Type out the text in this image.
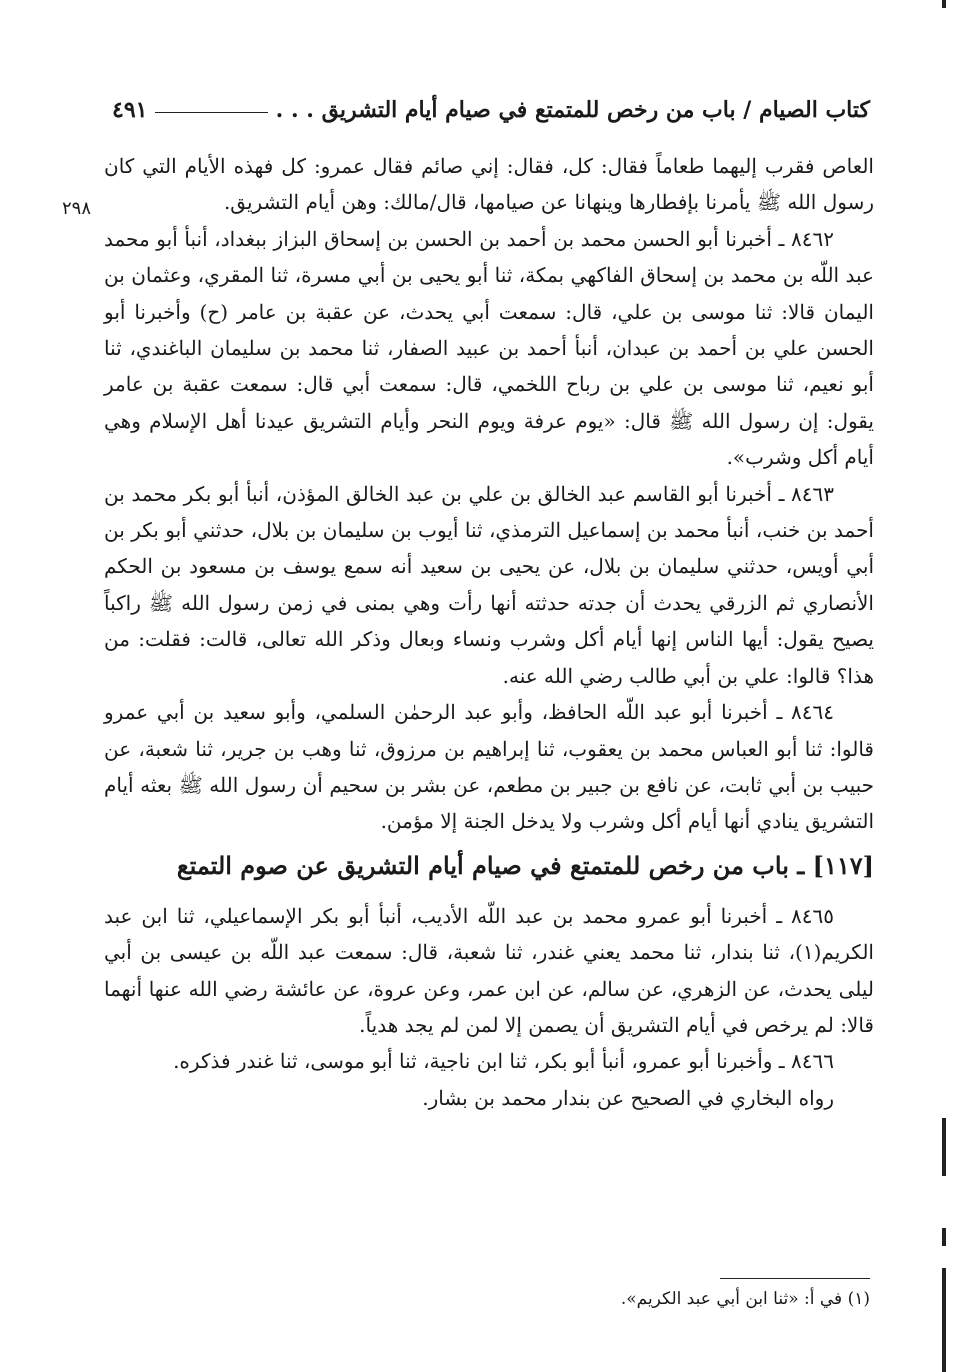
كتاب الصيام / باب من رخص للمتمتع في صيام أيام التشريق . . .
٤٩١
٢٩٨

العاص فقرب إليهما طعاماً فقال: كل، فقال: إني صائم فقال عمرو: كل فهذه الأيام التي كان رسول الله ﷺ يأمرنا بإفطارها وينهانا عن صيامها، قال/مالك: وهن أيام التشريق.

٨٤٦٢ ـ أخبرنا أبو الحسن محمد بن أحمد بن الحسن بن إسحاق البزاز ببغداد، أنبأ أبو محمد عبد اللّه بن محمد بن إسحاق الفاكهي بمكة، ثنا أبو يحيى بن أبي مسرة، ثنا المقري، وعثمان بن اليمان قالا: ثنا موسى بن علي، قال: سمعت أبي يحدث، عن عقبة بن عامر (ح) وأخبرنا أبو الحسن علي بن أحمد بن عبدان، أنبأ أحمد بن عبيد الصفار، ثنا محمد بن سليمان الباغندي، ثنا أبو نعيم، ثنا موسى بن علي بن رباح اللخمي، قال: سمعت أبي قال: سمعت عقبة بن عامر يقول: إن رسول الله ﷺ قال: «يوم عرفة ويوم النحر وأيام التشريق عيدنا أهل الإسلام وهي أيام أكل وشرب».

٨٤٦٣ ـ أخبرنا أبو القاسم عبد الخالق بن علي بن عبد الخالق المؤذن، أنبأ أبو بكر محمد بن أحمد بن خنب، أنبأ محمد بن إسماعيل الترمذي، ثنا أيوب بن سليمان بن بلال، حدثني أبو بكر بن أبي أويس، حدثني سليمان بن بلال، عن يحيى بن سعيد أنه سمع يوسف بن مسعود بن الحكم الأنصاري ثم الزرقي يحدث أن جدته حدثته أنها رأت وهي بمنى في زمن رسول الله ﷺ راكباً يصيح يقول: أيها الناس إنها أيام أكل وشرب ونساء وبعال وذكر الله تعالى، قالت: فقلت: من هذا؟ قالوا: علي بن أبي طالب رضي الله عنه.

٨٤٦٤ ـ أخبرنا أبو عبد اللّه الحافظ، وأبو عبد الرحمٰن السلمي، وأبو سعيد بن أبي عمرو قالوا: ثنا أبو العباس محمد بن يعقوب، ثنا إبراهيم بن مرزوق، ثنا وهب بن جرير، ثنا شعبة، عن حبيب بن أبي ثابت، عن نافع بن جبير بن مطعم، عن بشر بن سحيم أن رسول الله ﷺ بعثه أيام التشريق ينادي أنها أيام أكل وشرب ولا يدخل الجنة إلا مؤمن.

[١١٧] ـ باب من رخص للمتمتع في صيام أيام التشريق عن صوم التمتع

٨٤٦٥ ـ أخبرنا أبو عمرو محمد بن عبد اللّه الأديب، أنبأ أبو بكر الإسماعيلي، ثنا ابن عبد الكريم(١)، ثنا بندار، ثنا محمد يعني غندر، ثنا شعبة، قال: سمعت عبد اللّه بن عيسى بن أبي ليلى يحدث، عن الزهري، عن سالم، عن ابن عمر، وعن عروة، عن عائشة رضي الله عنها أنهما قالا: لم يرخص في أيام التشريق أن يصمن إلا لمن لم يجد هدياً.

٨٤٦٦ ـ وأخبرنا أبو عمرو، أنبأ أبو بكر، ثنا ابن ناجية، ثنا أبو موسى، ثنا غندر فذكره.

رواه البخاري في الصحيح عن بندار محمد بن بشار.

(١) في أ: «ثنا ابن أبي عبد الكريم».
